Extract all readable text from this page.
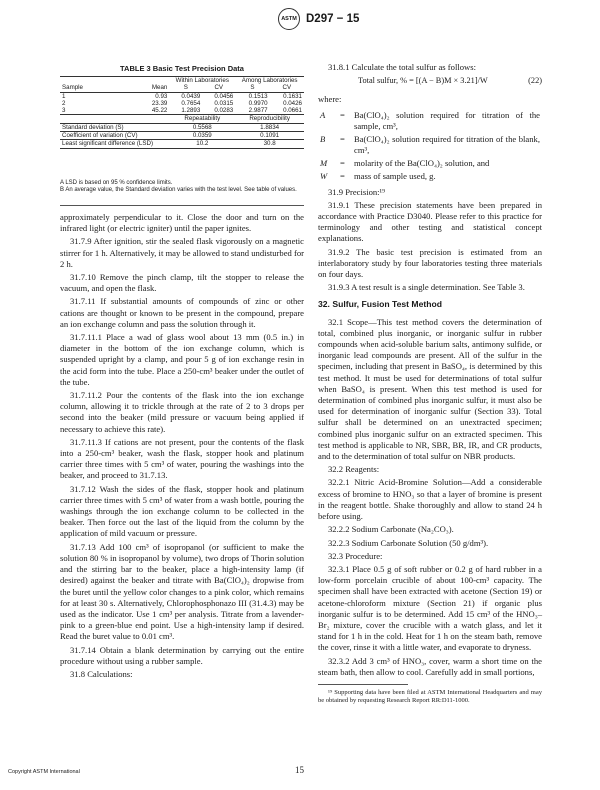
ASTM D297 − 15
TABLE 3 Basic Test Precision Data
		Within Laboratories		Among Laboratories	
Sample	Mean	S	CV	S	CV
1	0.93	0.0439	0.0456	0.1513	0.1631
2	23.39	0.7654	0.0315	0.9970	0.0426
3	45.22	1.2893	0.0283	2.9877	0.0661
		Repeatability		Reproducibility	
Standard deviation (S)		0.5568		1.8834	
Coefficient of variation (CV)		0.0359		0.1091	
Least significant difference (LSD)		10.2		30.8	
A LSD is based on 95 % confidence limits.
B An average value, the Standard deviation varies with the test level. See table of values.

approximately perpendicular to it. Close the door and turn on the infrared light (or electric igniter) until the paper ignites.

31.7.9 After ignition, stir the sealed flask vigorously on a magnetic stirrer for 1 h. Alternatively, it may be allowed to stand undisturbed for 2 h.

31.7.10 Remove the pinch clamp, tilt the stopper to release the vacuum, and open the flask.

31.7.11 If substantial amounts of compounds of zinc or other cations are thought or known to be present in the compound, prepare an ion exchange column and pass the solution through it.

31.7.11.1 Place a wad of glass wool about 13 mm (0.5 in.) in diameter in the bottom of the ion exchange column, which is suspended upright by a clamp, and pour 5 g of ion exchange resin in the acid form into the tube. Place a 250-cm³ beaker under the outlet of the tube.

31.7.11.2 Pour the contents of the flask into the ion exchange column, allowing it to trickle through at the rate of 2 to 3 drops per second into the beaker (mild pressure or vacuum being applied if necessary to achieve this rate).

31.7.11.3 If cations are not present, pour the contents of the flask into a 250-cm³ beaker, wash the flask, stopper hook and platinum carrier three times with 5 cm³ of water, pouring the washings into the beaker, and proceed to 31.7.13.

31.7.12 Wash the sides of the flask, stopper hook and platinum carrier three times with 5 cm³ of water from a wash bottle, pouring the washings through the ion exchange column to be collected in the beaker. Then force out the last of the liquid from the column by the application of mild vacuum or pressure.

31.7.13 Add 100 cm³ of isopropanol (or sufficient to make the solution 80 % in isopropanol by volume), two drops of Thorin solution and the stirring bar to the beaker, place a high-intensity lamp (if desired) against the beaker and titrate with Ba(ClO₄)₂ dropwise from the buret until the yellow color changes to a pink color, which remains for at least 30 s. Alternatively, Chlorophosphonazo III (31.4.3) may be used as the indicator. Use 1 cm³ per analysis. Titrate from a lavender-pink to a green-blue end point. Use a high-intensity lamp if desired. Read the buret value to 0.01 cm³.

31.7.14 Obtain a blank determination by carrying out the entire procedure without using a rubber sample.

31.8 Calculations:

31.8.1 Calculate the total sulfur as follows:

Total sulfur, % = [(A − B)M × 3.21]/W	(22)
where:
A	=	Ba(ClO₄)₂ solution required for titration of the sample, cm³,
B	=	Ba(ClO₄)₂ solution required for titration of the blank, cm³,
M	=	molarity of the Ba(ClO₄)₂ solution, and
W	=	mass of sample used, g.

31.9 Precision:¹⁹

31.9.1 These precision statements have been prepared in accordance with Practice D3040. Please refer to this practice for terminology and other testing and statistical concept explanations.

31.9.2 The basic test precision is estimated from an interlaboratory study by four laboratories testing three materials on four days.

31.9.3 A test result is a single determination. See Table 3.

32. Sulfur, Fusion Test Method

32.1 Scope—This test method covers the determination of total, combined plus inorganic, or inorganic sulfur in rubber compounds when acid-soluble barium salts, antimony sulfide, or inorganic lead compounds are present. All of the sulfur in the specimen, including that present in BaSO₄, is determined by this test method. It must be used for determinations of total sulfur when BaSO₄ is present. When this test method is used for determination of combined plus inorganic sulfur, it must also be used for determination of inorganic sulfur (Section 33). Total sulfur shall be determined on an unextracted specimen; combined plus inorganic sulfur on an extracted specimen. This test method is applicable to NR, SBR, BR, IR, and CR products, and to the determination of total sulfur on NBR products.

32.2 Reagents:

32.2.1 Nitric Acid-Bromine Solution—Add a considerable excess of bromine to HNO₃ so that a layer of bromine is present in the reagent bottle. Shake thoroughly and allow to stand 24 h before using.

32.2.2 Sodium Carbonate (Na₂CO₃).

32.2.3 Sodium Carbonate Solution (50 g/dm³).

32.3 Procedure:

32.3.1 Place 0.5 g of soft rubber or 0.2 g of hard rubber in a low-form porcelain crucible of about 100-cm³ capacity. The specimen shall have been extracted with acetone (Section 19) or acetone-chloroform mixture (Section 21) if organic plus inorganic sulfur is to be determined. Add 15 cm³ of the HNO₃–Br₂ mixture, cover the crucible with a watch glass, and let it stand for 1 h in the cold. Heat for 1 h on the steam bath, remove the cover, rinse it with a little water, and evaporate to dryness.

32.3.2 Add 3 cm³ of HNO₃, cover, warm a short time on the steam bath, then allow to cool. Carefully add in small portions,

¹⁹ Supporting data have been filed at ASTM International Headquarters and may be obtained by requesting Research Report RR:D11-1000.
Copyright ASTM International	15
